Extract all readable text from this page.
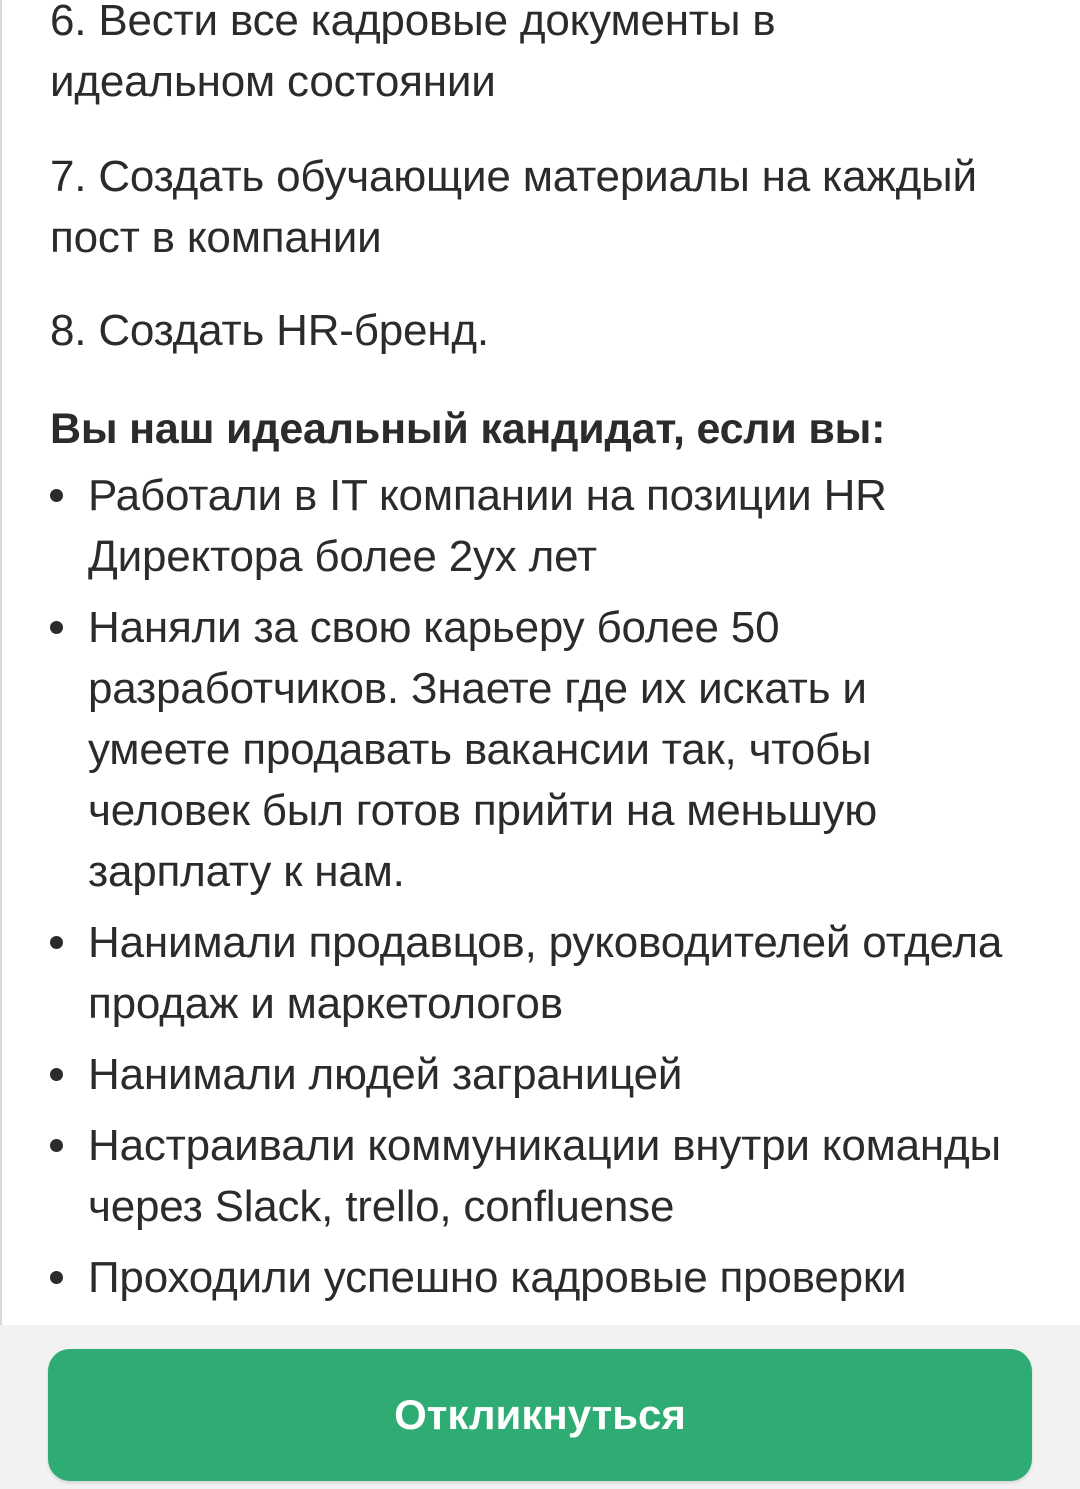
6. Вести все кадровые документы в идеальном состоянии

7. Создать обучающие материалы на каждый пост в компании

8. Создать HR-бренд.

Вы наш идеальный кандидат, если вы:

Работали в IT компании на позиции HR Директора более 2ух лет
Наняли за свою карьеру более 50 разработчиков. Знаете где их искать и умеете продавать вакансии так, чтобы человек был готов прийти на меньшую зарплату к нам.
Нанимали продавцов, руководителей отдела продаж и маркетологов
Нанимали людей заграницей
Настраивали коммуникации внутри команды через Slack, trello, confluense
Проходили успешно кадровые проверки
Откликнуться
